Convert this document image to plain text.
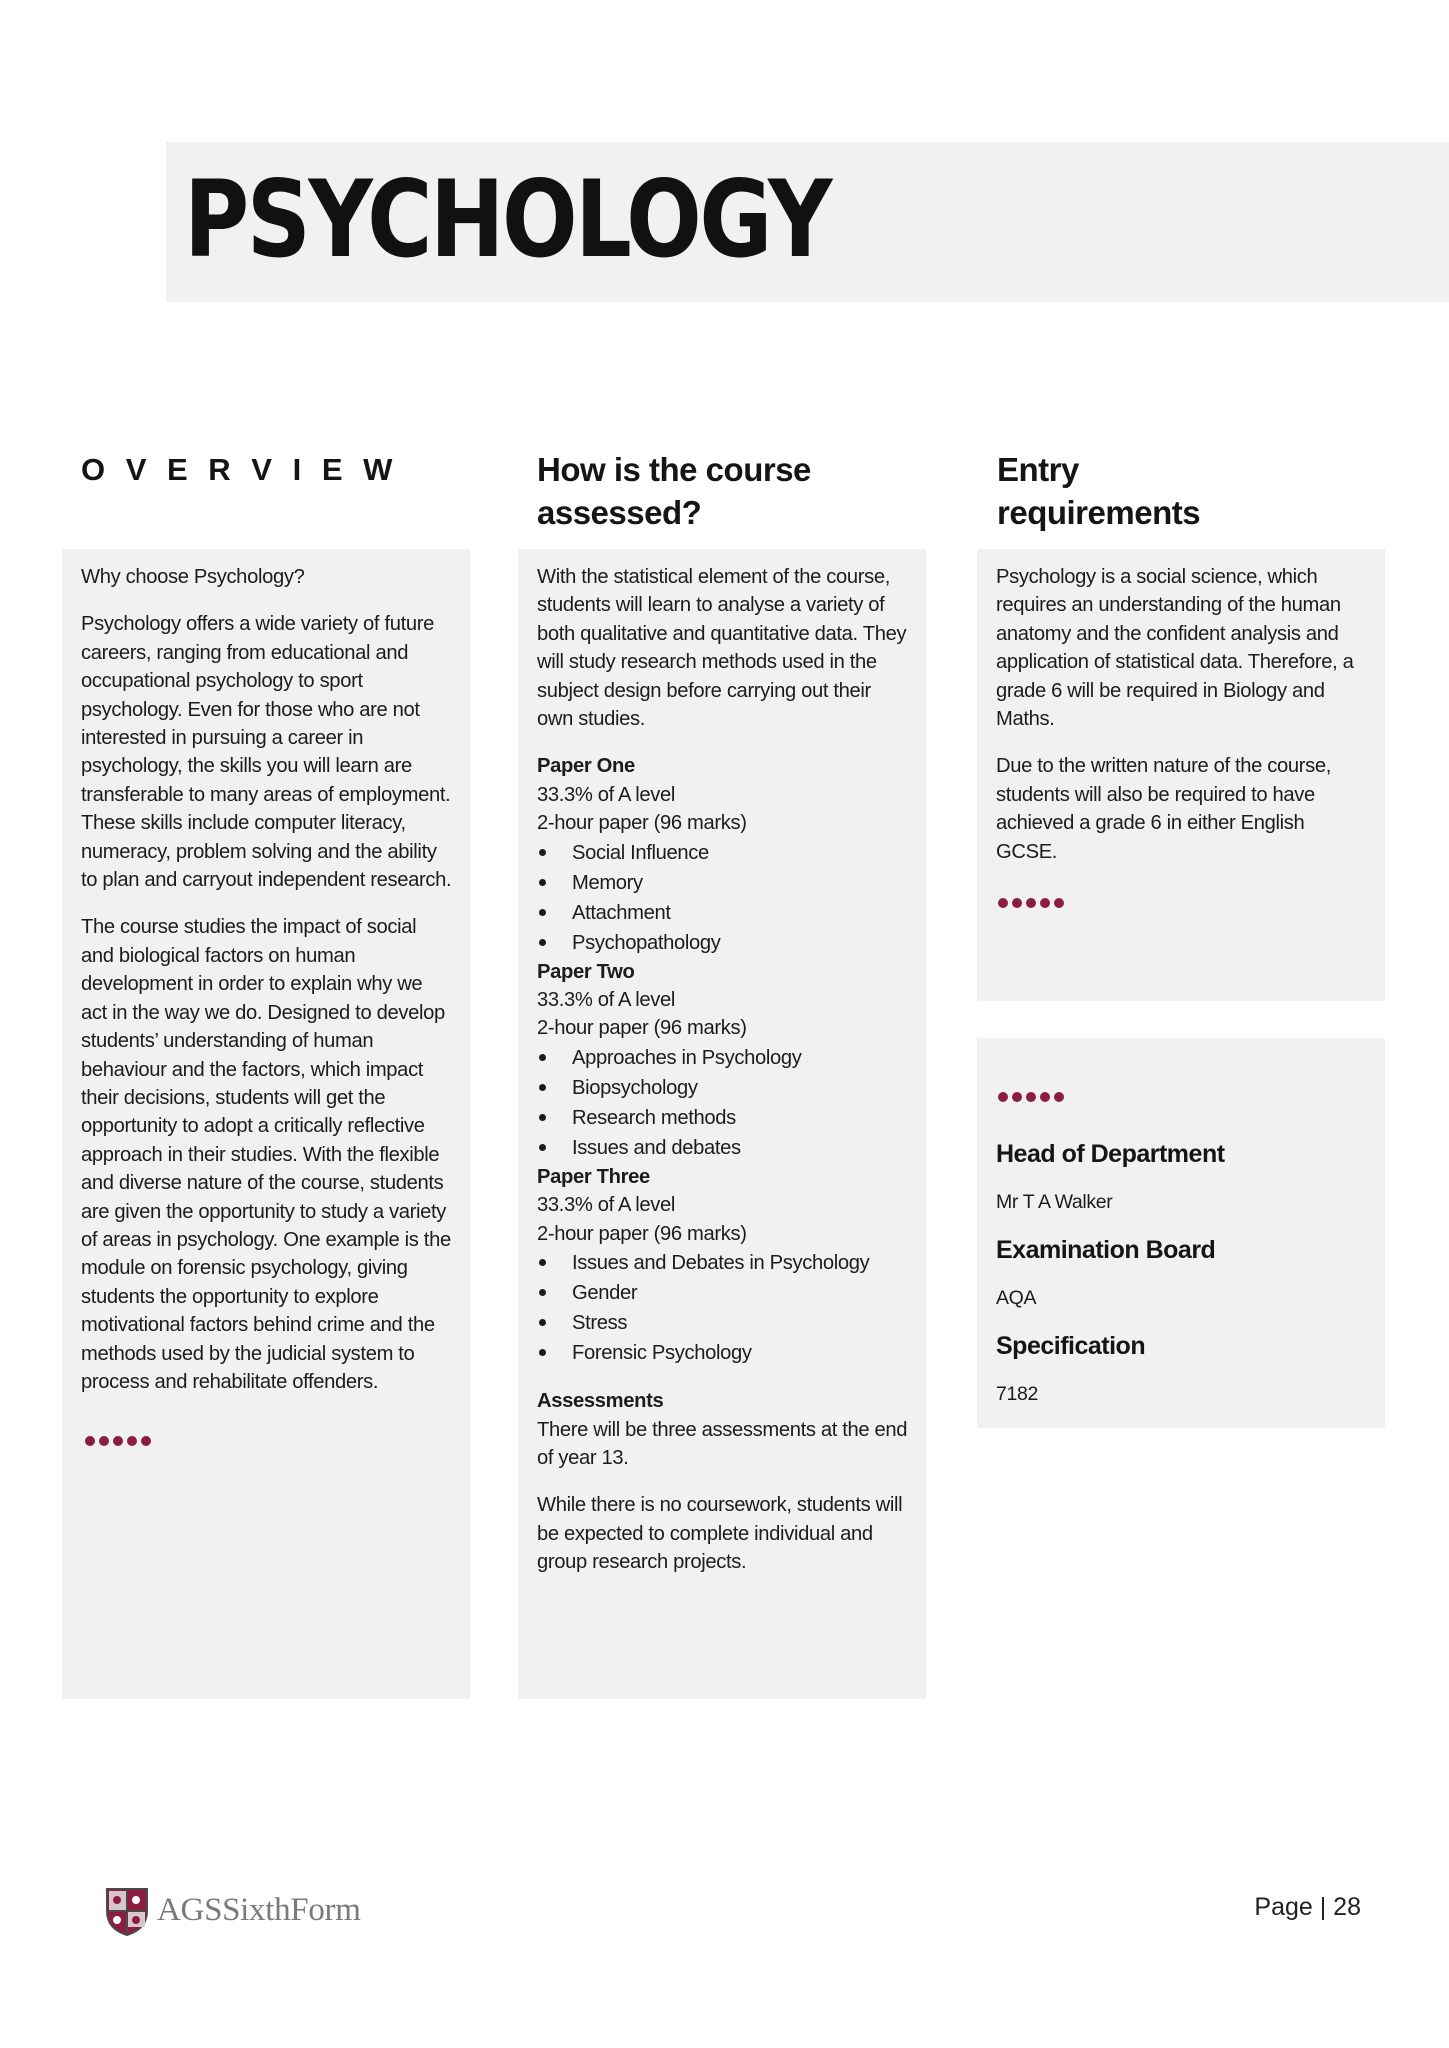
PSYCHOLOGY
O V E R V I E W	How is the course assessed?
Entry requirements

Why choose Psychology?

Psychology offers a wide variety of future careers, ranging from educational and occupational psychology to sport psychology. Even for those who are not interested in pursuing a career in psychology, the skills you will learn are transferable to many areas of employment. These skills include computer literacy, numeracy, problem solving and the ability to plan and carryout independent research.

The course studies the impact of social and biological factors on human development in order to explain why we act in the way we do. Designed to develop students’ understanding of human behaviour and the factors, which impact their decisions, students will get the opportunity to adopt a critically reflective approach in their studies. With the flexible and diverse nature of the course, students are given the opportunity to study a variety of areas in psychology. One example is the module on forensic psychology, giving students the opportunity to explore motivational factors behind crime and the methods used by the judicial system to process and rehabilitate offenders.

With the statistical element of the course, students will learn to analyse a variety of both qualitative and quantitative data. They will study research methods used in the subject design before carrying out their own studies.

Paper One

33.3% of A level

2-hour paper (96 marks)

Social Influence
Memory
Attachment
Psychopathology

Paper Two

33.3% of A level

2-hour paper (96 marks)

Approaches in Psychology
Biopsychology
Research methods
Issues and debates

Paper Three

33.3% of A level

2-hour paper (96 marks)

Issues and Debates in Psychology
Gender
Stress
Forensic Psychology

Assessments

There will be three assessments at the end of year 13.

While there is no coursework, students will be expected to complete individual and group research projects.

Psychology is a social science, which requires an understanding of the human anatomy and the confident analysis and application of statistical data. Therefore, a grade 6 will be required in Biology and Maths.

Due to the written nature of the course, students will also be required to have achieved a grade 6 in either English GCSE.

Head of Department

Mr T A Walker

Examination Board

AQA

Specification

7182

AGSSixthForm	Page | 28
